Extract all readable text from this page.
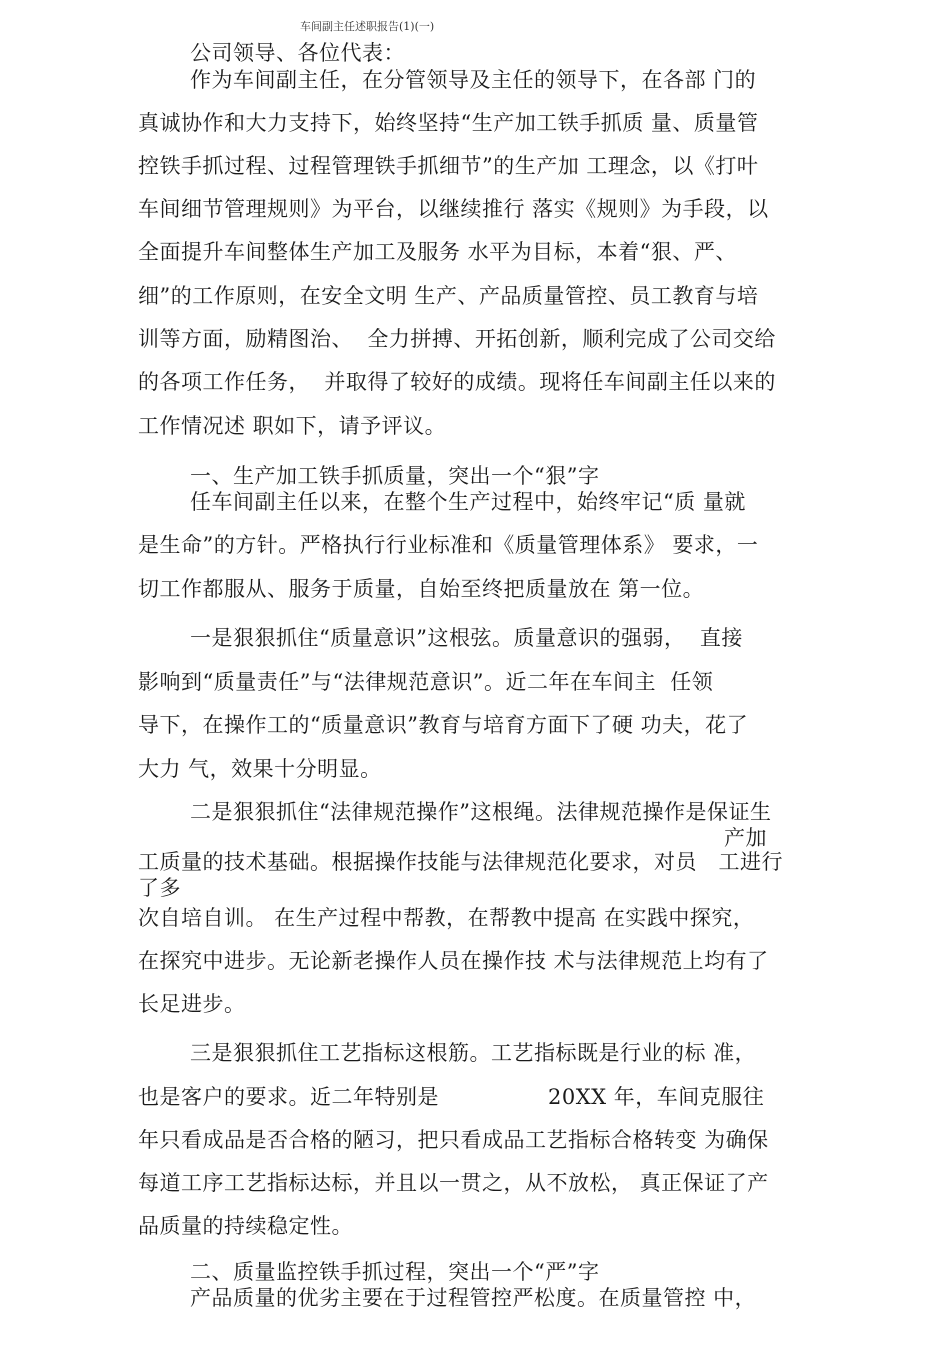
车间副主任述职报告(1)(一)
公司领导、各位代表：
作为车间副主任，在分管领导及主任的领导下，在各部 门的
真诚协作和大力支持下，始终坚持“生产加工铁手抓质 量、质量管
控铁手抓过程、过程管理铁手抓细节”的生产加 工理念，以《打叶
车间细节管理规则》为平台，以继续推行 落实《规则》为手段，以
全面提升车间整体生产加工及服务 水平为目标，本着“狠、严、
细”的工作原则，在安全文明 生产、产品质量管控、员工教育与培
训等方面，励精图治、  全力拼搏、开拓创新，顺利完成了公司交给
的各项工作任务，  并取得了较好的成绩。现将任车间副主任以来的
工作情况述 职如下，请予评议。
一、生产加工铁手抓质量，突出一个“狠”字
任车间副主任以来，在整个生产过程中，始终牢记“质 量就
是生命”的方针。严格执行行业标准和《质量管理体系》 要求，一
切工作都服从、服务于质量，自始至终把质量放在 第一位。
一是狠狠抓住“质量意识”这根弦。质量意识的强弱，  直接
影响到“质量责任”与“法律规范意识”。近二年在车间主  任领
导下，在操作工的“质量意识”教育与培育方面下了硬 功夫，花了
大力 气，效果十分明显。
二是狠狠抓住“法律规范操作”这根绳。法律规范操作是保证生
产加
工质量的技术基础。根据操作技能与法律规范化要求，对员   工进行
了多
次自培自训。 在生产过程中帮教，在帮教中提高 在实践中探究，
在探究中进步。无论新老操作人员在操作技 术与法律规范上均有了
长足进步。
三是狠狠抓住工艺指标这根筋。工艺指标既是行业的标 准，
也是客户的要求。近二年特别是	20XX 年，车间克服往
年只看成品是否合格的陋习，把只看成品工艺指标合格转变 为确保
每道工序工艺指标达标，并且以一贯之，从不放松， 真正保证了产
品质量的持续稳定性。
二、质量监控铁手抓过程，突出一个“严”字
产品质量的优劣主要在于过程管控严松度。在质量管控 中，
